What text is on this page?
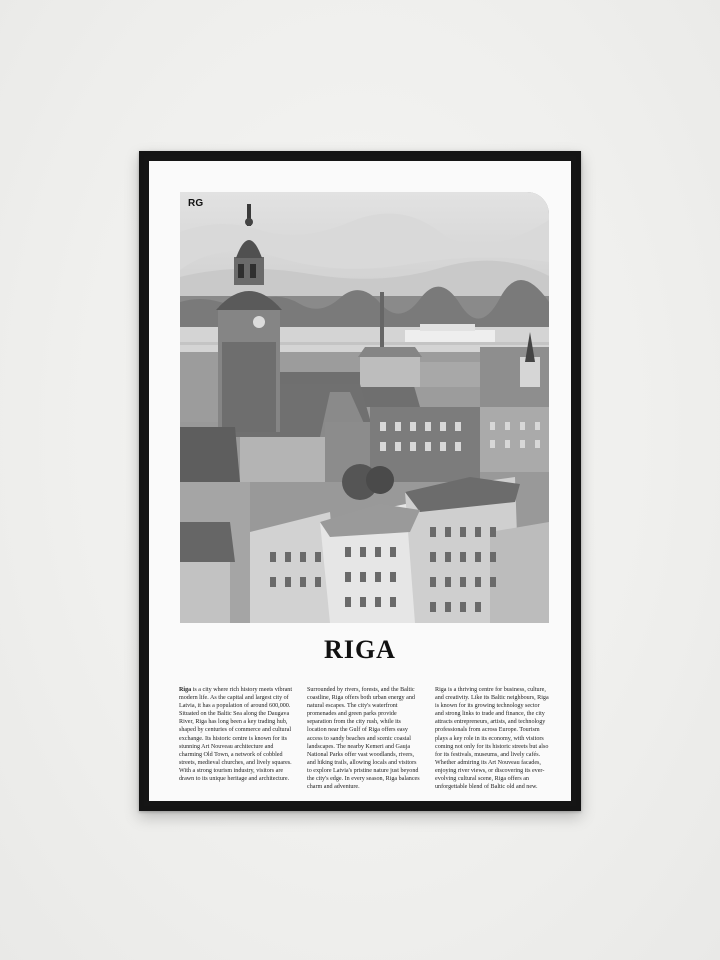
RG
RIGA
Riga is a city where rich history meets vibrant modern life. As the capital and largest city of Latvia, it has a population of around 600,000. Situated on the Baltic Sea along the Daugava River, Riga has long been a key trading hub, shaped by centuries of commerce and cultural exchange. Its historic centre is known for its stunning Art Nouveau architecture and charming Old Town, a network of cobbled streets, medieval churches, and lively squares. With a strong tourism industry, visitors are drawn to its unique heritage and architecture.
Surrounded by rivers, forests, and the Baltic coastline, Riga offers both urban energy and natural escapes. The city's waterfront promenades and green parks provide separation from the city rush, while its location near the Gulf of Riga offers easy access to sandy beaches and scenic coastal landscapes. The nearby Kemeri and Gauja National Parks offer vast woodlands, rivers, and hiking trails, allowing locals and visitors to explore Latvia's pristine nature just beyond the city's edge. In every season, Riga balances charm and adventure.
Riga is a thriving centre for business, culture, and creativity. Like its Baltic neighbours, Riga is known for its growing technology sector and strong links to trade and finance, the city attracts entrepreneurs, artists, and technology professionals from across Europe. Tourism plays a key role in its economy, with visitors coming not only for its historic streets but also for its festivals, museums, and lively cafés. Whether admiring its Art Nouveau facades, enjoying river views, or discovering its ever-evolving cultural scene, Riga offers an unforgettable blend of Baltic old and new.
